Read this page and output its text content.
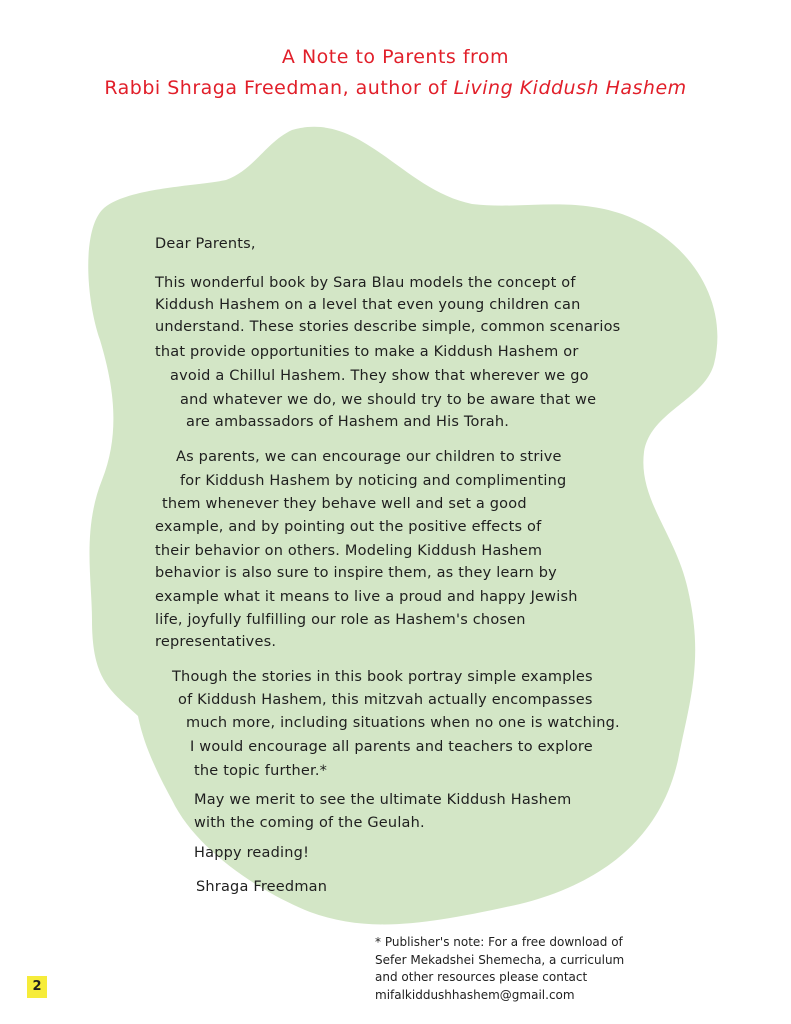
A Note to Parents from
Rabbi Shraga Freedman, author of Living Kiddush Hashem
Dear Parents,
This wonderful book by Sara Blau models the concept of
Kiddush Hashem on a level that even young children can
understand. These stories describe simple, common scenarios
that provide opportunities to make a Kiddush Hashem or
avoid a Chillul Hashem. They show that wherever we go
and whatever we do, we should try to be aware that we
are ambassadors of Hashem and His Torah.
As parents, we can encourage our children to strive
for Kiddush Hashem by noticing and complimenting
them whenever they behave well and set a good
example, and by pointing out the positive effects of
their behavior on others. Modeling Kiddush Hashem
behavior is also sure to inspire them, as they learn by
example what it means to live a proud and happy Jewish
life, joyfully fulfilling our role as Hashem's chosen
representatives.
Though the stories in this book portray simple examples
of Kiddush Hashem, this mitzvah actually encompasses
much more, including situations when no one is watching.
I would encourage all parents and teachers to explore
the topic further.*
May we merit to see the ultimate Kiddush Hashem
with the coming of the Geulah.
Happy reading!
Shraga Freedman
* Publisher's note: For a free download of
Sefer Mekadshei Shemecha, a curriculum
and other resources please contact
mifalkiddushhashem@gmail.com
2
